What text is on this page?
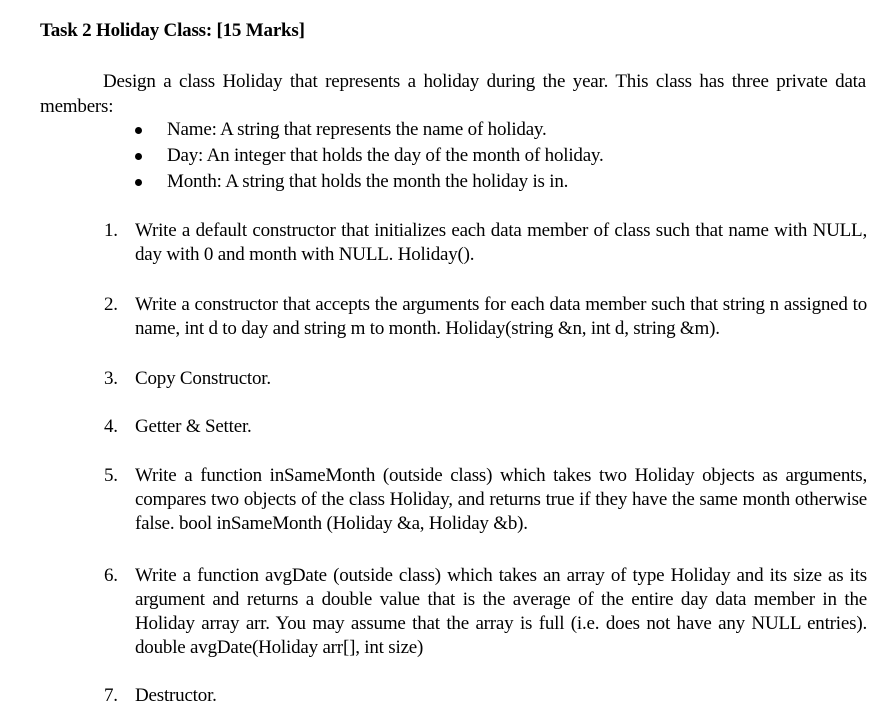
Task 2 Holiday Class: [15 Marks]

Design a class Holiday that represents a holiday during the year. This class has three private data members:

Name: A string that represents the name of holiday.
Day: An integer that holds the day of the month of holiday.
Month: A string that holds the month the holiday is in.
1. Write a default constructor that initializes each data member of class such that name with NULL, day with 0 and month with NULL. Holiday().
2. Write a constructor that accepts the arguments for each data member such that string n assigned to name, int d to day and string m to month. Holiday(string &n, int d, string &m).
3. Copy Constructor.
4. Getter & Setter.
5. Write a function inSameMonth (outside class) which takes two Holiday objects as arguments, compares two objects of the class Holiday, and returns true if they have the same month otherwise false. bool inSameMonth (Holiday &a, Holiday &b).
6. Write a function avgDate (outside class) which takes an array of type Holiday and its size as its argument and returns a double value that is the average of the entire day data member in the Holiday array arr. You may assume that the array is full (i.e. does not have any NULL entries). double avgDate(Holiday arr[], int size)
7. Destructor.
